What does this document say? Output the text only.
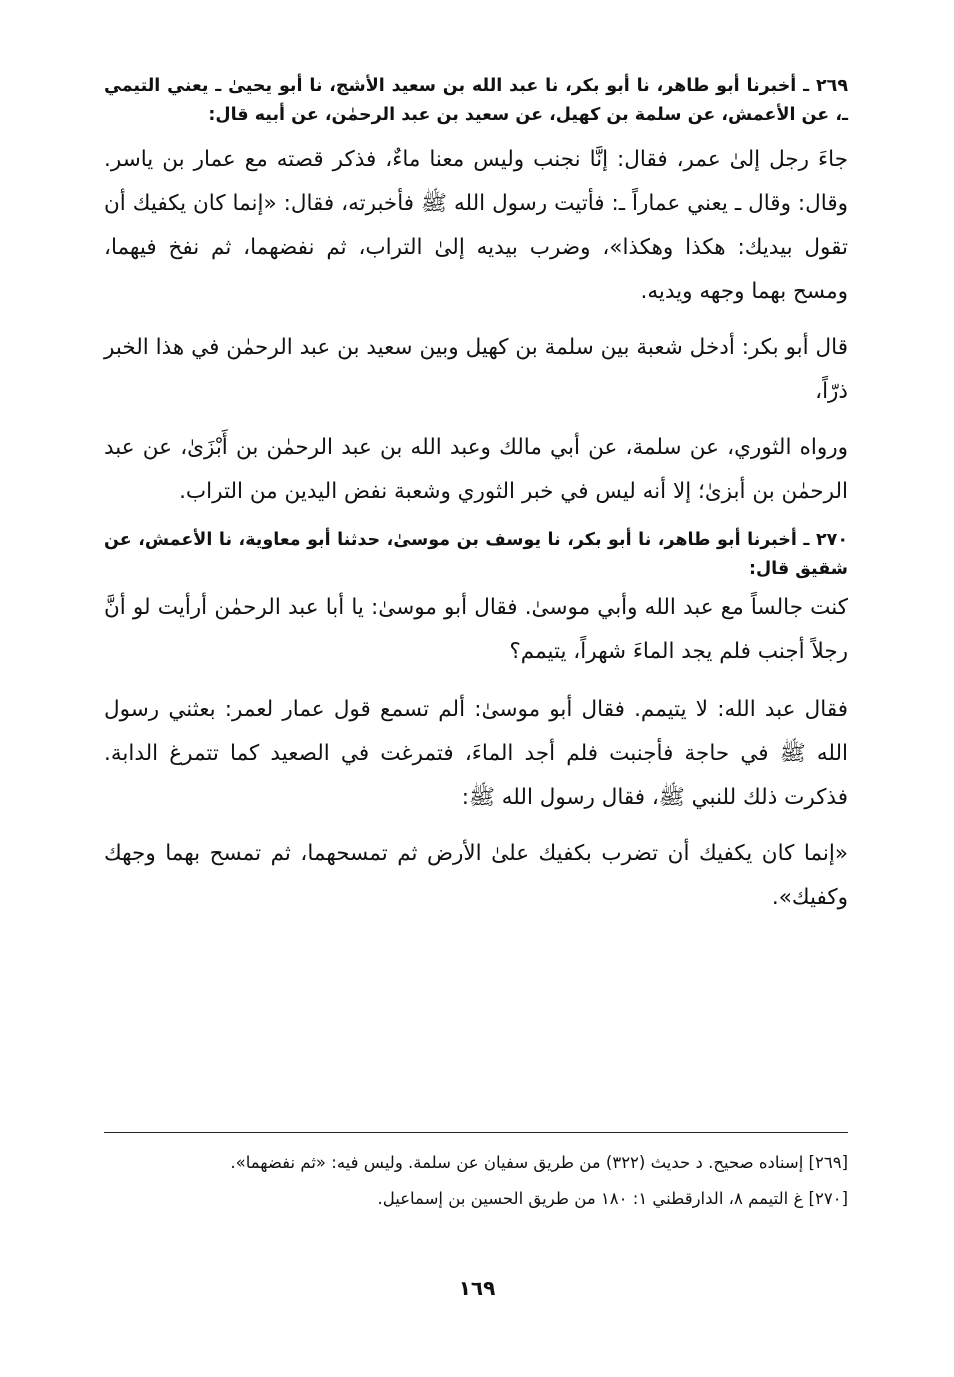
٢٦٩ ـ أخبرنا أبو طاهر، نا أبو بكر، نا عبد الله بن سعيد الأشج، نا أبو يحيىٰ ـ يعني التيمي ـ، عن الأعمش، عن سلمة بن كهيل، عن سعيد بن عبد الرحمٰن، عن أبيه قال:

جاءَ رجل إلىٰ عمر، فقال: إنَّا نجنب وليس معنا ماءٌ، فذكر قصته مع عمار بن ياسر. وقال: وقال ـ يعني عماراً ـ: فأتيت رسول الله ﷺ فأخبرته، فقال: «إنما كان يكفيك أن تقول بيديك: هكذا وهكذا»، وضرب بيديه إلىٰ التراب، ثم نفضهما، ثم نفخ فيهما، ومسح بهما وجهه ويديه.

قال أبو بكر: أدخل شعبة بين سلمة بن كهيل وبين سعيد بن عبد الرحمٰن في هذا الخبر ذرّاً،

ورواه الثوري، عن سلمة، عن أبي مالك وعبد الله بن عبد الرحمٰن بن أَبْزَىٰ، عن عبد الرحمٰن بن أبزىٰ؛ إلا أنه ليس في خبر الثوري وشعبة نفض اليدين من التراب.

٢٧٠ ـ أخبرنا أبو طاهر، نا أبو بكر، نا يوسف بن موسىٰ، حدثنا أبو معاوية، نا الأعمش، عن شقيق قال:

كنت جالساً مع عبد الله وأبي موسىٰ. فقال أبو موسىٰ: يا أبا عبد الرحمٰن أرأيت لو أنَّ رجلاً أجنب فلم يجد الماءَ شهراً، يتيمم؟

فقال عبد الله: لا يتيمم. فقال أبو موسىٰ: ألم تسمع قول عمار لعمر: بعثني رسول الله ﷺ في حاجة فأجنبت فلم أجد الماءَ، فتمرغت في الصعيد كما تتمرغ الدابة. فذكرت ذلك للنبي ﷺ، فقال رسول الله ﷺ:

«إنما كان يكفيك أن تضرب بكفيك علىٰ الأرض ثم تمسحهما، ثم تمسح بهما وجهك وكفيك».

[٢٦٩] إسناده صحيح. د حديث (٣٢٢) من طريق سفيان عن سلمة. وليس فيه: «ثم نفضهما».

[٢٧٠] غ التيمم ٨، الدارقطني ١: ١٨٠ من طريق الحسين بن إسماعيل.

١٦٩
